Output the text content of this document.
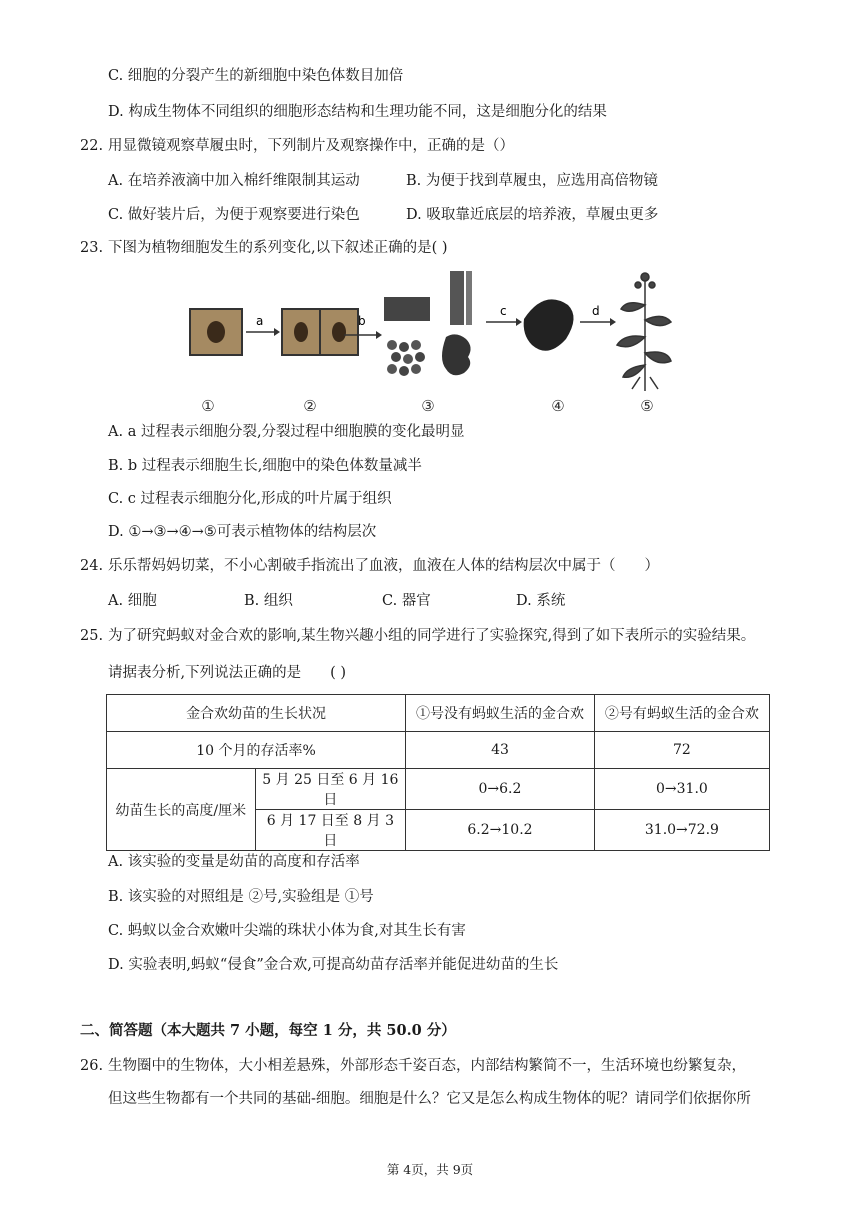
C. 细胞的分裂产生的新细胞中染色体数目加倍
D. 构成生物体不同组织的细胞形态结构和生理功能不同，这是细胞分化的结果
22. 用显微镜观察草履虫时，下列制片及观察操作中，正确的是（）
A. 在培养液滴中加入棉纤维限制其运动	B. 为便于找到草履虫，应选用高倍物镜
C. 做好装片后，为便于观察要进行染色	D. 吸取靠近底层的培养液，草履虫更多
23. 下图为植物细胞发生的系列变化,以下叙述正确的是( )
a	b
c	d
①	②	③	④	⑤
A. a 过程表示细胞分裂,分裂过程中细胞膜的变化最明显
B. b 过程表示细胞生长,细胞中的染色体数量减半
C. c 过程表示细胞分化,形成的叶片属于组织
D. ①→③→④→⑤可表示植物体的结构层次
24. 乐乐帮妈妈切菜，不小心割破手指流出了血液，血液在人体的结构层次中属于（　　）
A. 细胞	B. 组织	C. 器官	D. 系统
25. 为了研究蚂蚁对金合欢的影响,某生物兴趣小组的同学进行了实验探究,得到了如下表所示的实验结果。
请据表分析,下列说法正确的是　　( )
金合欢幼苗的生长状况		①号没有蚂蚁生活的金合欢	②号有蚂蚁生活的金合欢
10 个月的存活率%		43	72
幼苗生长的高度/厘米	5 月 25 日至 6 月 16 日	0→6.2	0→31.0
	6 月 17 日至 8 月 3 日	6.2→10.2	31.0→72.9
A. 该实验的变量是幼苗的高度和存活率
B. 该实验的对照组是 ②号,实验组是 ①号
C. 蚂蚁以金合欢嫩叶尖端的珠状小体为食,对其生长有害
D. 实验表明,蚂蚁“侵食”金合欢,可提高幼苗存活率并能促进幼苗的生长
二、简答题（本大题共 7 小题，每空 1 分，共 50.0 分）
26. 生物圈中的生物体，大小相差悬殊，外部形态千姿百态，内部结构繁简不一，生活环境也纷繁复杂，
但这些生物都有一个共同的基础-细胞。细胞是什么？它又是怎么构成生物体的呢？请同学们依据你所
第 4页，共 9页
